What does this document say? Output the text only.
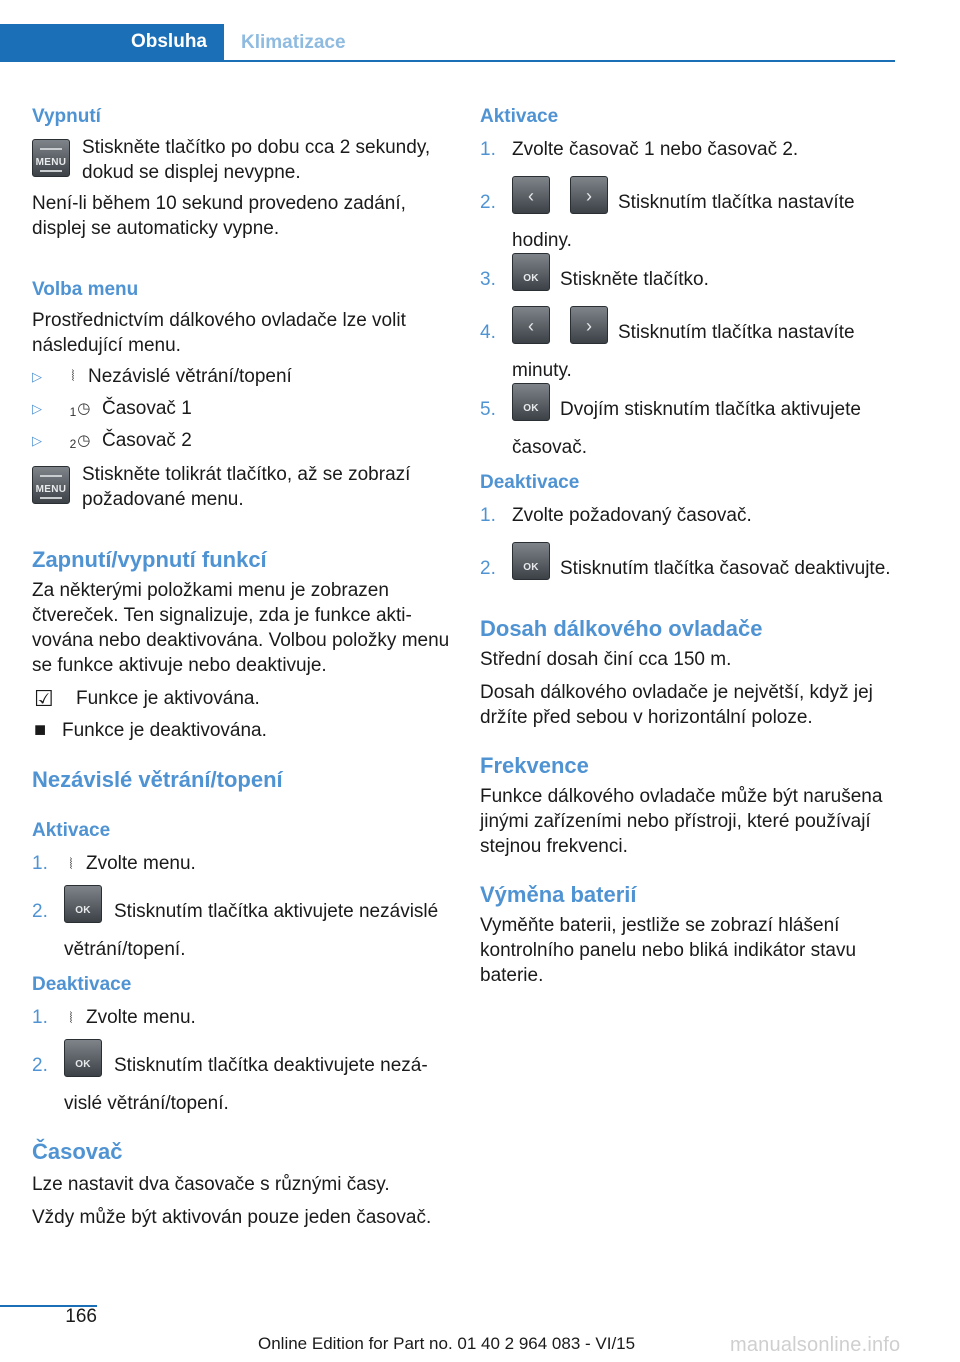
Obsluha	Klimatizace

Vypnutí

MENU
Stiskněte tlačítko po dobu cca 2 sekundy, dokud se displej nevypne.

Není-li během 10 sekund provedeno zadání, displej se automaticky vypne.

Volba menu

Prostřednictvím dálkového ovladače lze volit následující menu.

▷	⦚ Nezávislé větrání/topení
▷	$_1$◷ Časovač 1
▷	$_2$◷ Časovač 2
MENU
Stiskněte tolikrát tlačítko, až se zobrazí požadované menu.

Zapnutí/vypnutí funkcí

Za některými položkami menu je zobrazen čtvereček. Ten signalizuje, zda je funkce aktivována nebo deaktivována. Volbou položky menu se funkce aktivuje nebo deaktivuje.

☑	Funkce je aktivována.
■ Funkce je deaktivována.

Nezávislé větrání/topení

Aktivace

1.	⦚ Zvolte menu.
2.	OK	Stisknutím tlačítka aktivujete nezávislé větrání/topení.

Deaktivace

1.	⦚ Zvolte menu.
2.	OK	Stisknutím tlačítka deaktivujete nezávislé větrání/topení.

Časovač

Lze nastavit dva časovače s různými časy.

Vždy může být aktivován pouze jeden časovač.

Aktivace

1. Zvolte časovač 1 nebo časovač 2.
2.	‹	›	Stisknutím tlačítka nastavíte hodiny.
3.	OK	Stiskněte tlačítko.
4.	‹	›	Stisknutím tlačítka nastavíte minuty.
5.	OK	Dvojím stisknutím tlačítka aktivujete časovač.

Deaktivace

1. Zvolte požadovaný časovač.
2.	OK	Stisknutím tlačítka časovač deaktivujte.

Dosah dálkového ovladače

Střední dosah činí cca 150 m.

Dosah dálkového ovladače je největší, když jej držíte před sebou v horizontální poloze.

Frekvence

Funkce dálkového ovladače může být narušena jinými zařízeními nebo přístroji, které používají stejnou frekvenci.

Výměna baterií

Vyměňte baterii, jestliže se zobrazí hlášení kontrolního panelu nebo bliká indikátor stavu baterie.

166
Online Edition for Part no. 01 40 2 964 083 - VI/15	manualsonline.info
